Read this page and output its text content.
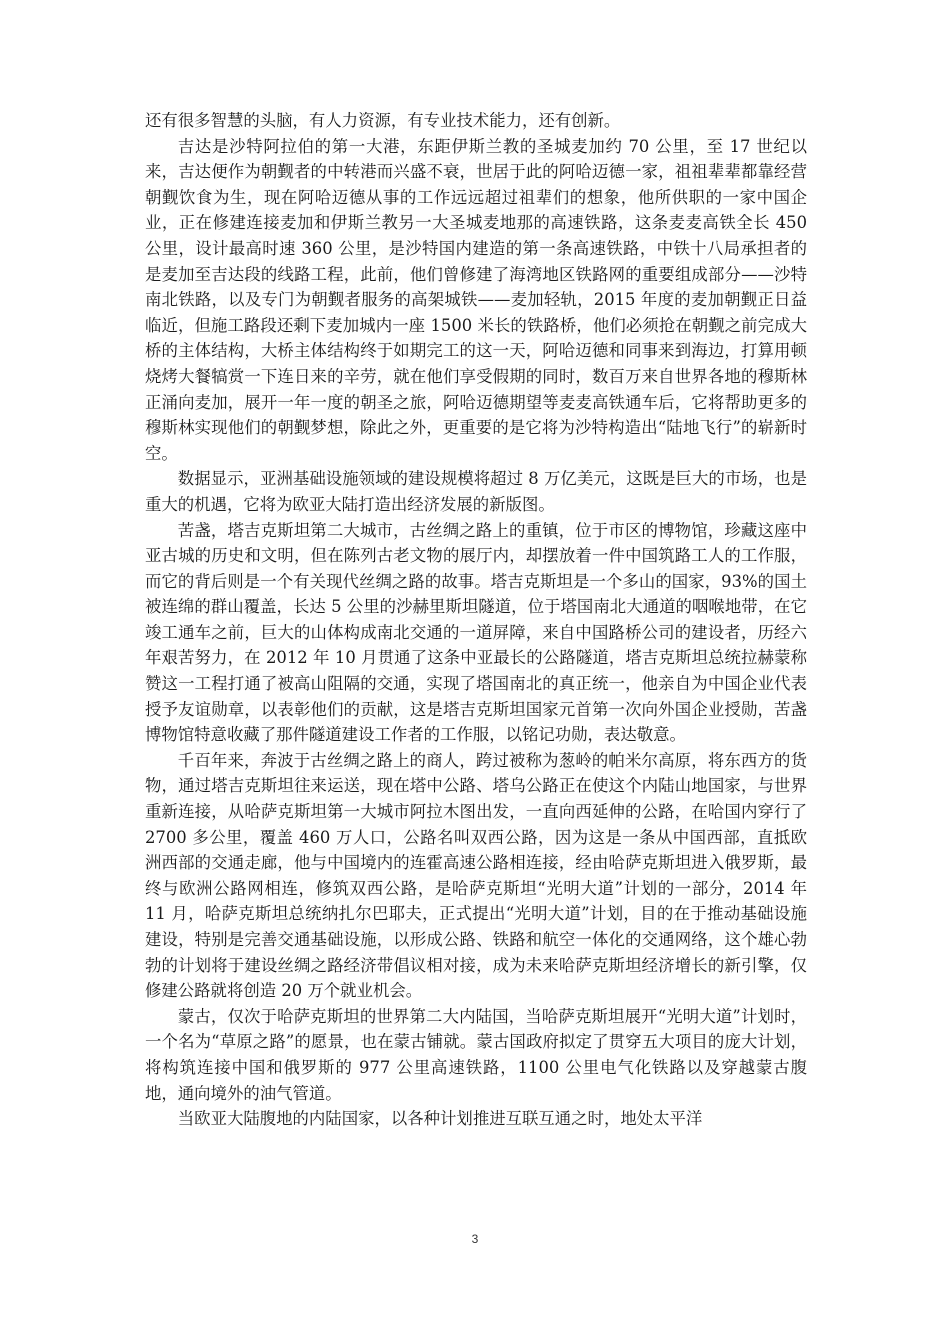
还有很多智慧的头脑，有人力资源，有专业技术能力，还有创新。

吉达是沙特阿拉伯的第一大港，东距伊斯兰教的圣城麦加约 70 公里，至 17 世纪以来，吉达便作为朝觐者的中转港而兴盛不衰，世居于此的阿哈迈德一家，祖祖辈辈都靠经营朝觐饮食为生，现在阿哈迈德从事的工作远远超过祖辈们的想象，他所供职的一家中国企业，正在修建连接麦加和伊斯兰教另一大圣城麦地那的高速铁路，这条麦麦高铁全长 450 公里，设计最高时速 360 公里，是沙特国内建造的第一条高速铁路，中铁十八局承担者的是麦加至吉达段的线路工程，此前，他们曾修建了海湾地区铁路网的重要组成部分——沙特南北铁路，以及专门为朝觐者服务的高架城铁——麦加轻轨，2015 年度的麦加朝觐正日益临近，但施工路段还剩下麦加城内一座 1500 米长的铁路桥，他们必须抢在朝觐之前完成大桥的主体结构，大桥主体结构终于如期完工的这一天，阿哈迈德和同事来到海边，打算用顿烧烤大餐犒赏一下连日来的辛劳，就在他们享受假期的同时，数百万来自世界各地的穆斯林正涌向麦加，展开一年一度的朝圣之旅，阿哈迈德期望等麦麦高铁通车后，它将帮助更多的穆斯林实现他们的朝觐梦想，除此之外，更重要的是它将为沙特构造出“陆地飞行”的崭新时空。

数据显示，亚洲基础设施领域的建设规模将超过 8 万亿美元，这既是巨大的市场，也是重大的机遇，它将为欧亚大陆打造出经济发展的新版图。

苦盏，塔吉克斯坦第二大城市，古丝绸之路上的重镇，位于市区的博物馆，珍藏这座中亚古城的历史和文明，但在陈列古老文物的展厅内，却摆放着一件中国筑路工人的工作服，而它的背后则是一个有关现代丝绸之路的故事。塔吉克斯坦是一个多山的国家，93%的国土被连绵的群山覆盖，长达 5 公里的沙赫里斯坦隧道，位于塔国南北大通道的咽喉地带，在它竣工通车之前，巨大的山体构成南北交通的一道屏障，来自中国路桥公司的建设者，历经六年艰苦努力，在 2012 年 10 月贯通了这条中亚最长的公路隧道，塔吉克斯坦总统拉赫蒙称赞这一工程打通了被高山阻隔的交通，实现了塔国南北的真正统一，他亲自为中国企业代表授予友谊勋章，以表彰他们的贡献，这是塔吉克斯坦国家元首第一次向外国企业授勋，苦盏博物馆特意收藏了那件隧道建设工作者的工作服，以铭记功勋，表达敬意。

千百年来，奔波于古丝绸之路上的商人，跨过被称为葱岭的帕米尔高原，将东西方的货物，通过塔吉克斯坦往来运送，现在塔中公路、塔乌公路正在使这个内陆山地国家，与世界重新连接，从哈萨克斯坦第一大城市阿拉木图出发，一直向西延伸的公路，在哈国内穿行了 2700 多公里，覆盖 460 万人口，公路名叫双西公路，因为这是一条从中国西部，直抵欧洲西部的交通走廊，他与中国境内的连霍高速公路相连接，经由哈萨克斯坦进入俄罗斯，最终与欧洲公路网相连，修筑双西公路，是哈萨克斯坦“光明大道”计划的一部分，2014 年 11 月，哈萨克斯坦总统纳扎尔巴耶夫，正式提出“光明大道”计划，目的在于推动基础设施建设，特别是完善交通基础设施，以形成公路、铁路和航空一体化的交通网络，这个雄心勃勃的计划将于建设丝绸之路经济带倡议相对接，成为未来哈萨克斯坦经济增长的新引擎，仅修建公路就将创造 20 万个就业机会。

蒙古，仅次于哈萨克斯坦的世界第二大内陆国，当哈萨克斯坦展开“光明大道”计划时，一个名为“草原之路”的愿景，也在蒙古铺就。蒙古国政府拟定了贯穿五大项目的庞大计划，将构筑连接中国和俄罗斯的 977 公里高速铁路，1100 公里电气化铁路以及穿越蒙古腹地，通向境外的油气管道。

当欧亚大陆腹地的内陆国家，以各种计划推进互联互通之时，地处太平洋

3
